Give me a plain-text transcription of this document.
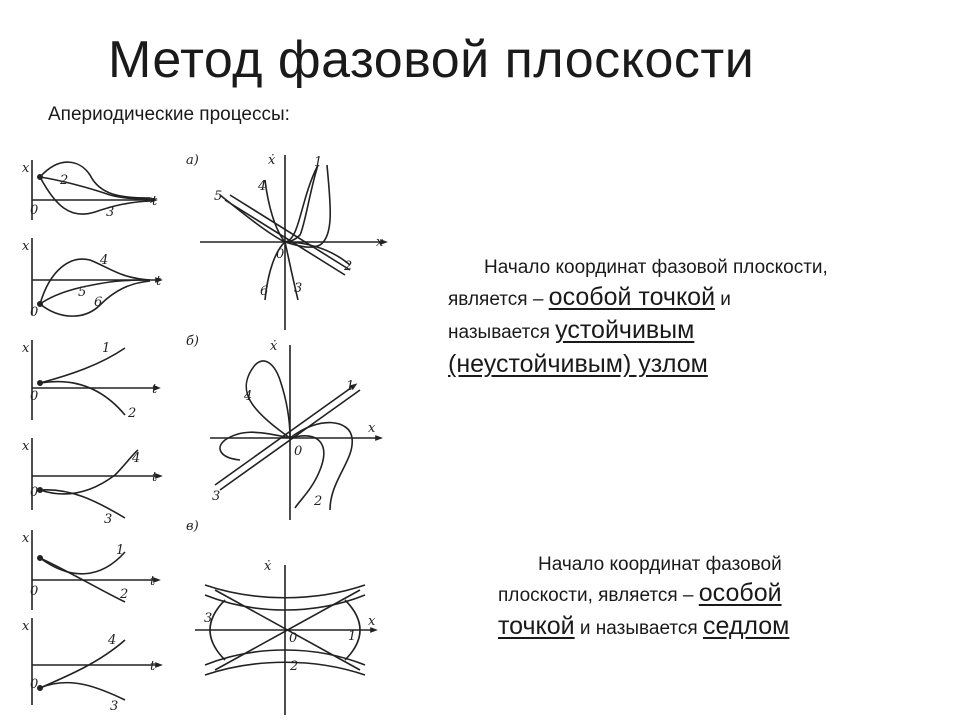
Метод фазовой плоскости
Апериодические процессы:
x
x
x
x
x
x
t
t
t
t
t
t
0
0
0
0
0
0
2
3
4
5
6
1
2
4
3
1
2
4
3
а)
б)
в)
ẋ
x
0
1
4
5
2
6 3
ẋ
x
0
1
4
3	2
ẋ
x
0
3
1
2
Начало координат фазовой плоскости,
является – особой точкой и
называется устойчивым
(неустойчивым) узлом
Начало координат фазовой
плоскости, является – особой
точкой и называется седлом
